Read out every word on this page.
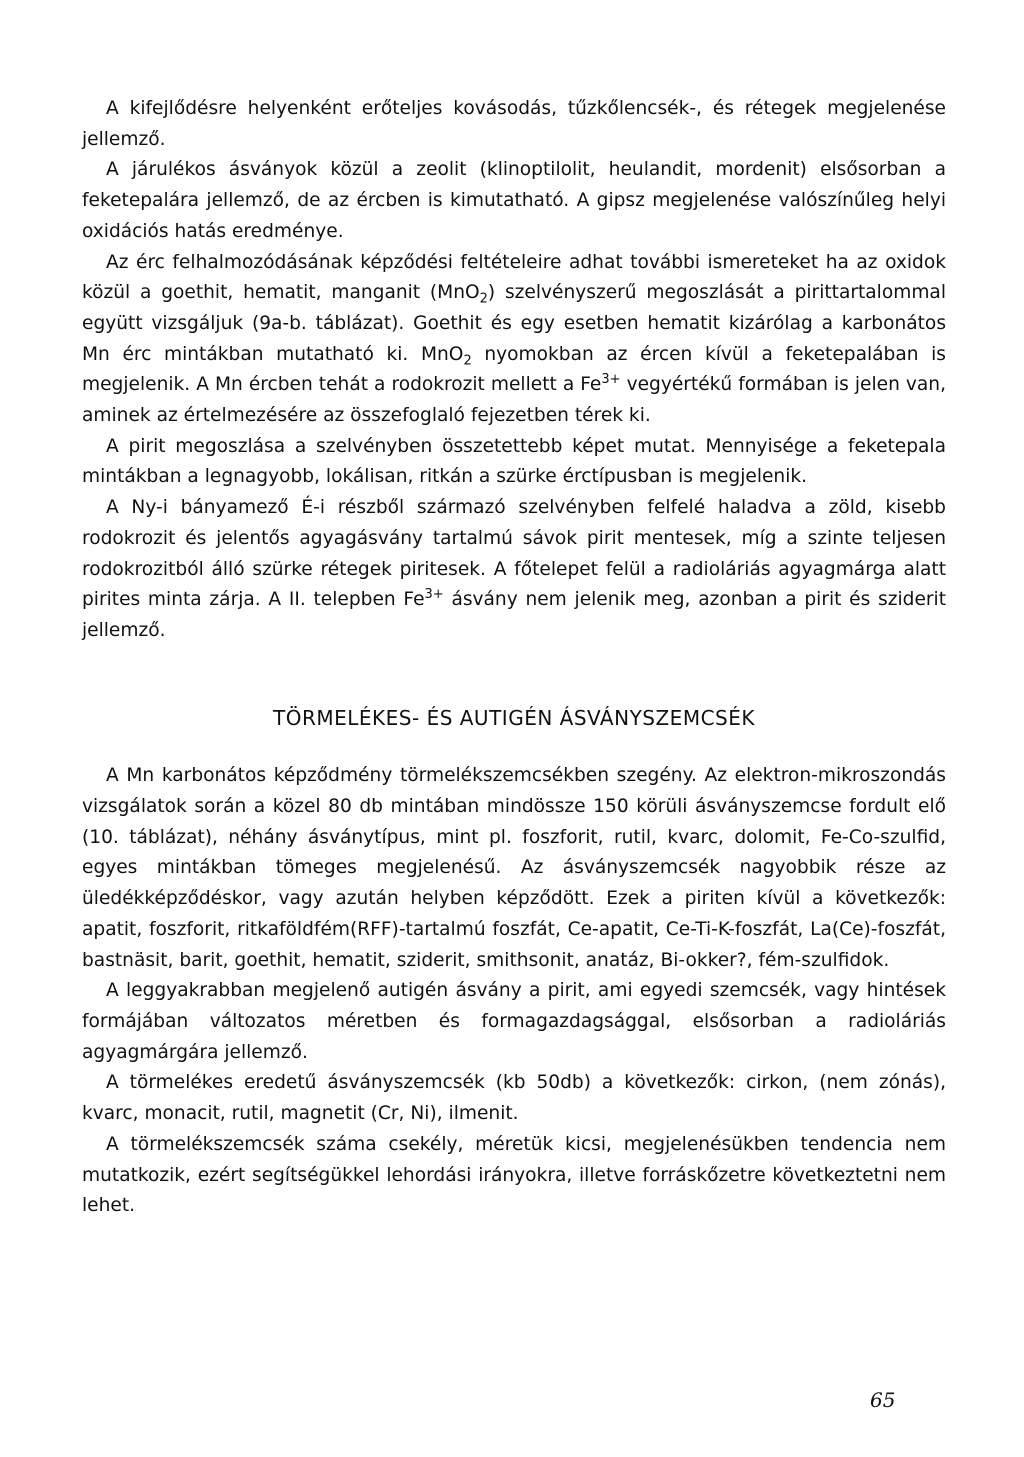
A kifejlődésre helyenként erőteljes kovásodás, tűzkőlencsék-, és rétegek megjelenése jellemző.

A járulékos ásványok közül a zeolit (klinoptilolit, heulandit, mordenit) elsősorban a feketepalára jellemző, de az ércben is kimutatható. A gipsz megjelenése valószínűleg helyi oxidációs hatás eredménye.

Az érc felhalmozódásának képződési feltételeire adhat további ismereteket ha az oxidok közül a goethit, hematit, manganit (MnO$_2$) szelvényszerű megoszlását a pirittartalommal együtt vizsgáljuk (9a-b. táblázat). Goethit és egy esetben hematit kizárólag a karbonátos Mn érc mintákban mutatható ki. MnO$_2$ nyomokban az ércen kívül a feketepalában is megjelenik. A Mn ércben tehát a rodokrozit mellett a $Fe^{3+}$ vegyértékű formában is jelen van, aminek az értelmezésére az összefoglaló fejezetben térek ki.

A pirit megoszlása a szelvényben összetettebb képet mutat. Mennyisége a feketepala mintákban a legnagyobb, lokálisan, ritkán a szürke érctípusban is megjelenik.

A Ny-i bányamező É-i részből származó szelvényben felfelé haladva a zöld, kisebb rodokrozit és jelentős agyagásvány tartalmú sávok pirit mentesek, míg a szinte teljesen rodokrozitból álló szürke rétegek piritesek. A főtelepet felül a radioláriás agyagmárga alatt pirites minta zárja. A II. telepben $Fe^{3+}$ ásvány nem jelenik meg, azonban a pirit és sziderit jellemző.

TÖRMELÉKES- ÉS AUTIGÉN ÁSVÁNYSZEMCSÉK

A Mn karbonátos képződmény törmelékszemcsékben szegény. Az elektron-mikroszondás vizsgálatok során a közel 80 db mintában mindössze 150 körüli ásványszemcse fordult elő (10. táblázat), néhány ásványtípus, mint pl. foszforit, rutil, kvarc, dolomit, Fe-Co-szulfid, egyes mintákban tömeges megjelenésű. Az ásványszemcsék nagyobbik része az üledékképződéskor, vagy azután helyben képződött. Ezek a piriten kívül a következők: apatit, foszforit, ritkaföldfém(RFF)-tartalmú foszfát, Ce-apatit, Ce-Ti-K-foszfát, La(Ce)-foszfát, bastnäsit, barit, goethit, hematit, sziderit, smithsonit, anatáz, Bi-okker?, fém-szulfidok.

A leggyakrabban megjelenő autigén ásvány a pirit, ami egyedi szemcsék, vagy hintések formájában változatos méretben és formagazdagsággal, elsősorban a radioláriás agyagmárgára jellemző.

A törmelékes eredetű ásványszemcsék (kb 50db) a következők: cirkon, (nem zónás), kvarc, monacit, rutil, magnetit (Cr, Ni), ilmenit.

A törmelékszemcsék száma csekély, méretük kicsi, megjelenésükben tendencia nem mutatkozik, ezért segítségükkel lehordási irányokra, illetve forráskőzetre következtetni nem lehet.

65
